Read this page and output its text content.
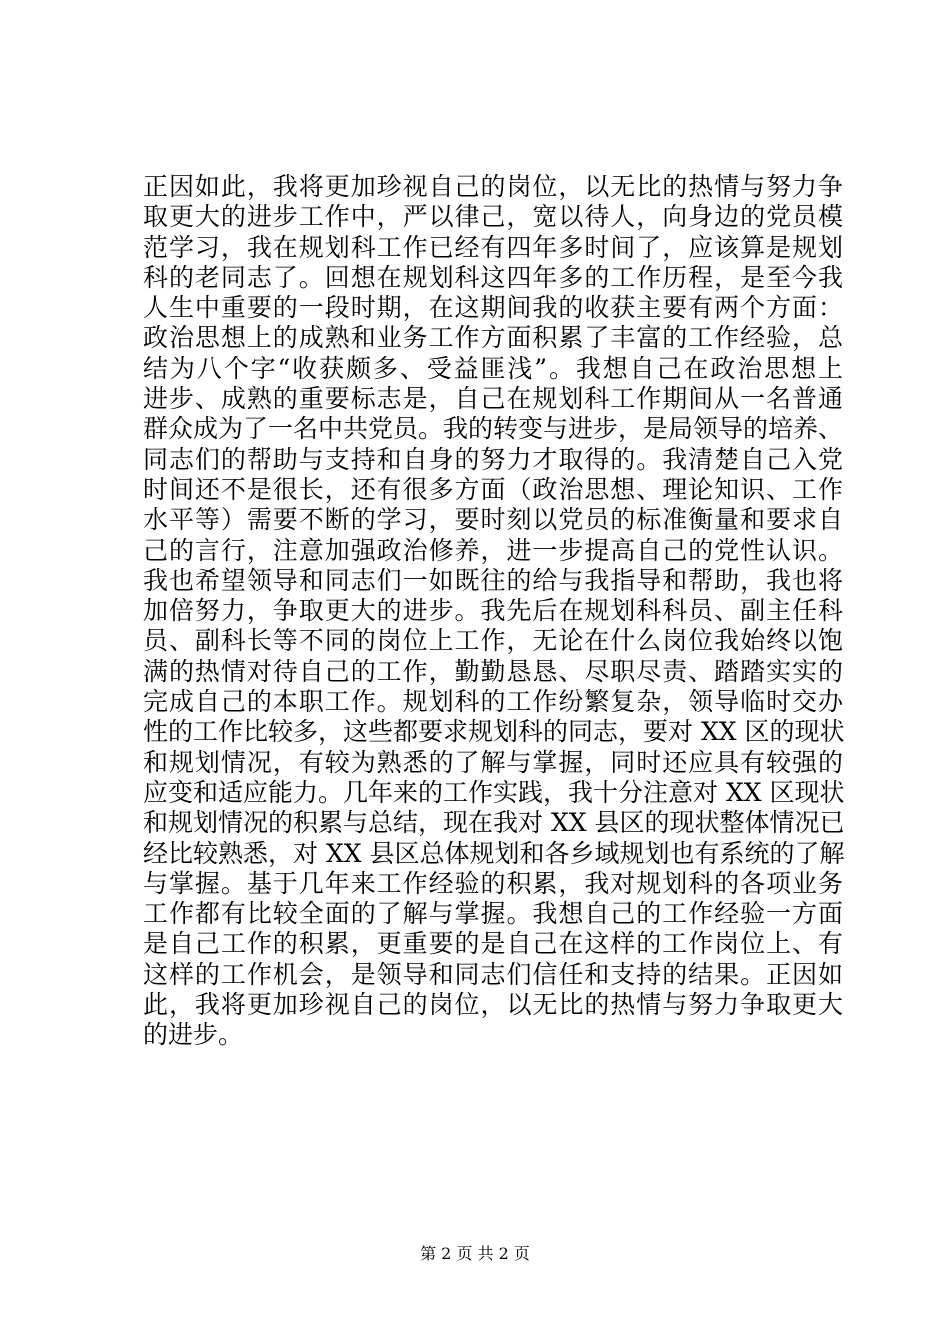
正因如此，我将更加珍视自己的岗位，以无比的热情与努力争
取更大的进步工作中，严以律己，宽以待人，向身边的党员模
范学习，我在规划科工作已经有四年多时间了，应该算是规划
科的老同志了。回想在规划科这四年多的工作历程，是至今我
人生中重要的一段时期，在这期间我的收获主要有两个方面：
政治思想上的成熟和业务工作方面积累了丰富的工作经验，总
结为八个字“收获颇多、受益匪浅”。我想自己在政治思想上
进步、成熟的重要标志是，自己在规划科工作期间从一名普通
群众成为了一名中共党员。我的转变与进步，是局领导的培养、
同志们的帮助与支持和自身的努力才取得的。我清楚自己入党
时间还不是很长，还有很多方面（政治思想、理论知识、工作
水平等）需要不断的学习，要时刻以党员的标准衡量和要求自
己的言行，注意加强政治修养，进一步提高自己的党性认识。
我也希望领导和同志们一如既往的给与我指导和帮助，我也将
加倍努力，争取更大的进步。我先后在规划科科员、副主任科
员、副科长等不同的岗位上工作，无论在什么岗位我始终以饱
满的热情对待自己的工作，勤勤恳恳、尽职尽责、踏踏实实的
完成自己的本职工作。规划科的工作纷繁复杂，领导临时交办
性的工作比较多，这些都要求规划科的同志，要对 XX 区的现状
和规划情况，有较为熟悉的了解与掌握，同时还应具有较强的
应变和适应能力。几年来的工作实践，我十分注意对 XX 区现状
和规划情况的积累与总结，现在我对 XX 县区的现状整体情况已
经比较熟悉，对 XX 县区总体规划和各乡域规划也有系统的了解
与掌握。基于几年来工作经验的积累，我对规划科的各项业务
工作都有比较全面的了解与掌握。我想自己的工作经验一方面
是自己工作的积累，更重要的是自己在这样的工作岗位上、有
这样的工作机会，是领导和同志们信任和支持的结果。正因如
此，我将更加珍视自己的岗位，以无比的热情与努力争取更大
的进步。
第 2 页 共 2 页
